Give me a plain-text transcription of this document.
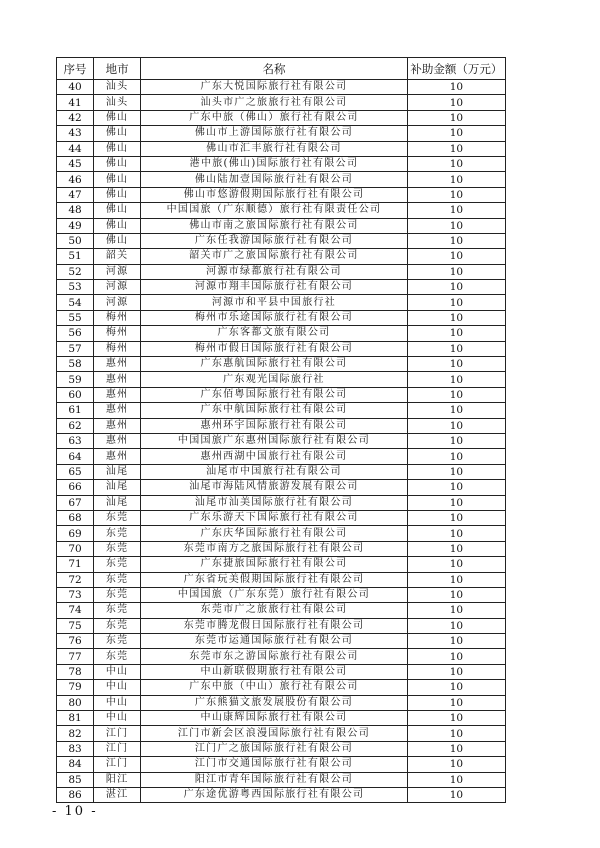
序号	地市	名称	补助金额（万元）
40	汕头	广东大悦国际旅行社有限公司	10
41	汕头	汕头市广之旅旅行社有限公司	10
42	佛山	广东中旅（佛山）旅行社有限公司	10
43	佛山	佛山市上游国际旅行社有限公司	10
44	佛山	佛山市汇丰旅行社有限公司	10
45	佛山	港中旅(佛山)国际旅行社有限公司	10
46	佛山	佛山陆加壹国际旅行社有限公司	10
47	佛山	佛山市悠游假期国际旅行社有限公司	10
48	佛山	中国国旅（广东顺德）旅行社有限责任公司	10
49	佛山	佛山市南之旅国际旅行社有限公司	10
50	佛山	广东任我游国际旅行社有限公司	10
51	韶关	韶关市广之旅国际旅行社有限公司	10
52	河源	河源市绿都旅行社有限公司	10
53	河源	河源市翔丰国际旅行社有限公司	10
54	河源	河源市和平县中国旅行社	10
55	梅州	梅州市乐途国际旅行社有限公司	10
56	梅州	广东客都文旅有限公司	10
57	梅州	梅州市假日国际旅行社有限公司	10
58	惠州	广东惠航国际旅行社有限公司	10
59	惠州	广东观光国际旅行社	10
60	惠州	广东佰粤国际旅行社有限公司	10
61	惠州	广东中航国际旅行社有限公司	10
62	惠州	惠州环宇国际旅行社有限公司	10
63	惠州	中国国旅广东惠州国际旅行社有限公司	10
64	惠州	惠州西湖中国旅行社有限公司	10
65	汕尾	汕尾市中国旅行社有限公司	10
66	汕尾	汕尾市海陆风情旅游发展有限公司	10
67	汕尾	汕尾市汕美国际旅行社有限公司	10
68	东莞	广东乐游天下国际旅行社有限公司	10
69	东莞	广东庆华国际旅行社有限公司	10
70	东莞	东莞市南方之旅国际旅行社有限公司	10
71	东莞	广东捷旅国际旅行社有限公司	10
72	东莞	广东省玩美假期国际旅行社有限公司	10
73	东莞	中国国旅（广东东莞）旅行社有限公司	10
74	东莞	东莞市广之旅旅行社有限公司	10
75	东莞	东莞市腾龙假日国际旅行社有限公司	10
76	东莞	东莞市运通国际旅行社有限公司	10
77	东莞	东莞市东之游国际旅行社有限公司	10
78	中山	中山新联假期旅行社有限公司	10
79	中山	广东中旅（中山）旅行社有限公司	10
80	中山	广东熊猫文旅发展股份有限公司	10
81	中山	中山康辉国际旅行社有限公司	10
82	江门	江门市新会区浪漫国际旅行社有限公司	10
83	江门	江门广之旅国际旅行社有限公司	10
84	江门	江门市交通国际旅行社有限公司	10
85	阳江	阳江市青年国际旅行社有限公司	10
86	湛江	广东途优游粤西国际旅行社有限公司	10
- 10 -
